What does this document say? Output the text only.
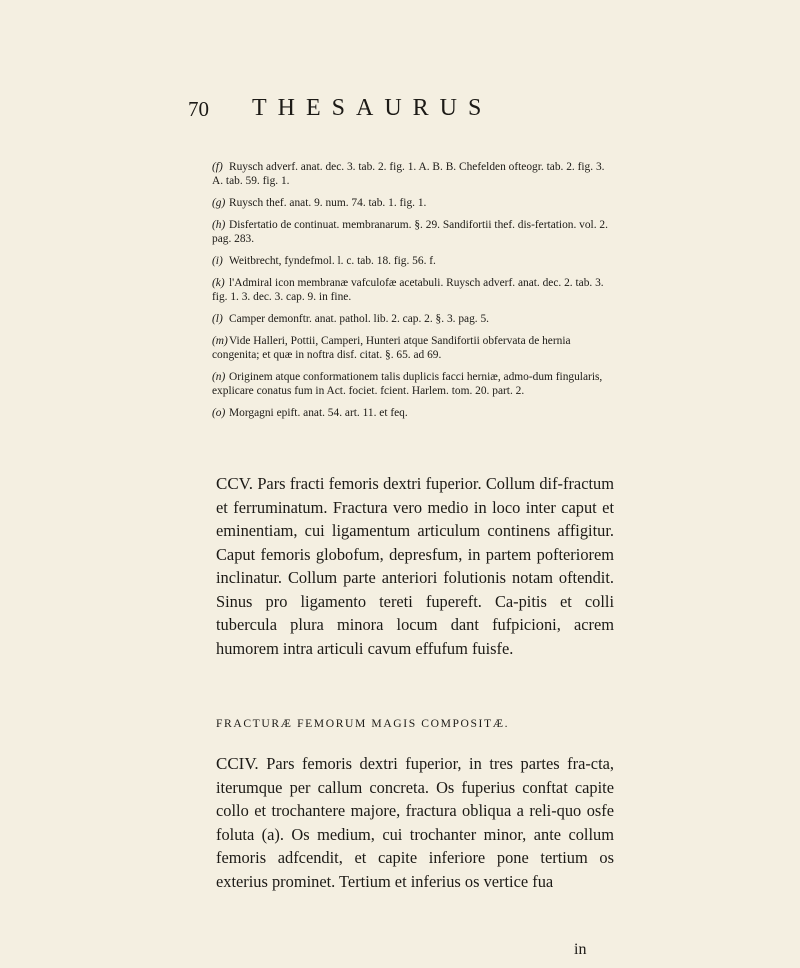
70 THESAURUS

(f) Ruysch adverf. anat. dec. 3. tab. 2. fig. 1. A. B. B. Chefelden ofteogr. tab. 2. fig. 3. A. tab. 59. fig. 1.

(g) Ruysch thef. anat. 9. num. 74. tab. 1. fig. 1.

(h) Disfertatio de continuat. membranarum. §. 29. Sandifortii thef. dis-fertation. vol. 2. pag. 283.

(i) Weitbrecht, fyndefmol. l. c. tab. 18. fig. 56. f.

(k) l'Admiral icon membranæ vafculofæ acetabuli. Ruysch adverf. anat. dec. 2. tab. 3. fig. 1. 3. dec. 3. cap. 9. in fine.

(l) Camper demonftr. anat. pathol. lib. 2. cap. 2. §. 3. pag. 5.

(m)Vide Halleri, Pottii, Camperi, Hunteri atque Sandifortii obfervata de hernia congenita; et quæ in noftra disf. citat. §. 65. ad 69.

(n) Originem atque conformationem talis duplicis facci herniæ, admo-dum fingularis, explicare conatus fum in Act. fociet. fcient. Harlem. tom. 20. part. 2.

(o) Morgagni epift. anat. 54. art. 11. et feq.

CCV. Pars fracti femoris dextri fuperior. Collum dif-fractum et ferruminatum. Fractura vero medio in loco inter caput et eminentiam, cui ligamentum articulum continens affigitur. Caput femoris globofum, depresfum, in partem pofteriorem inclinatur. Collum parte anteriori folutionis notam oftendit. Sinus pro ligamento tereti fupereft. Ca-pitis et colli tubercula plura minora locum dant fufpicioni, acrem humorem intra articuli cavum effufum fuisfe.

FRACTURÆ FEMORUM MAGIS COMPOSITÆ.

CCIV. Pars femoris dextri fuperior, in tres partes fra-cta, iterumque per callum concreta. Os fuperius conftat capite collo et trochantere majore, fractura obliqua a reli-quo osfe foluta (a). Os medium, cui trochanter minor, ante collum femoris adfcendit, et capite inferiore pone tertium os exterius prominet. Tertium et inferius os vertice fua

in
